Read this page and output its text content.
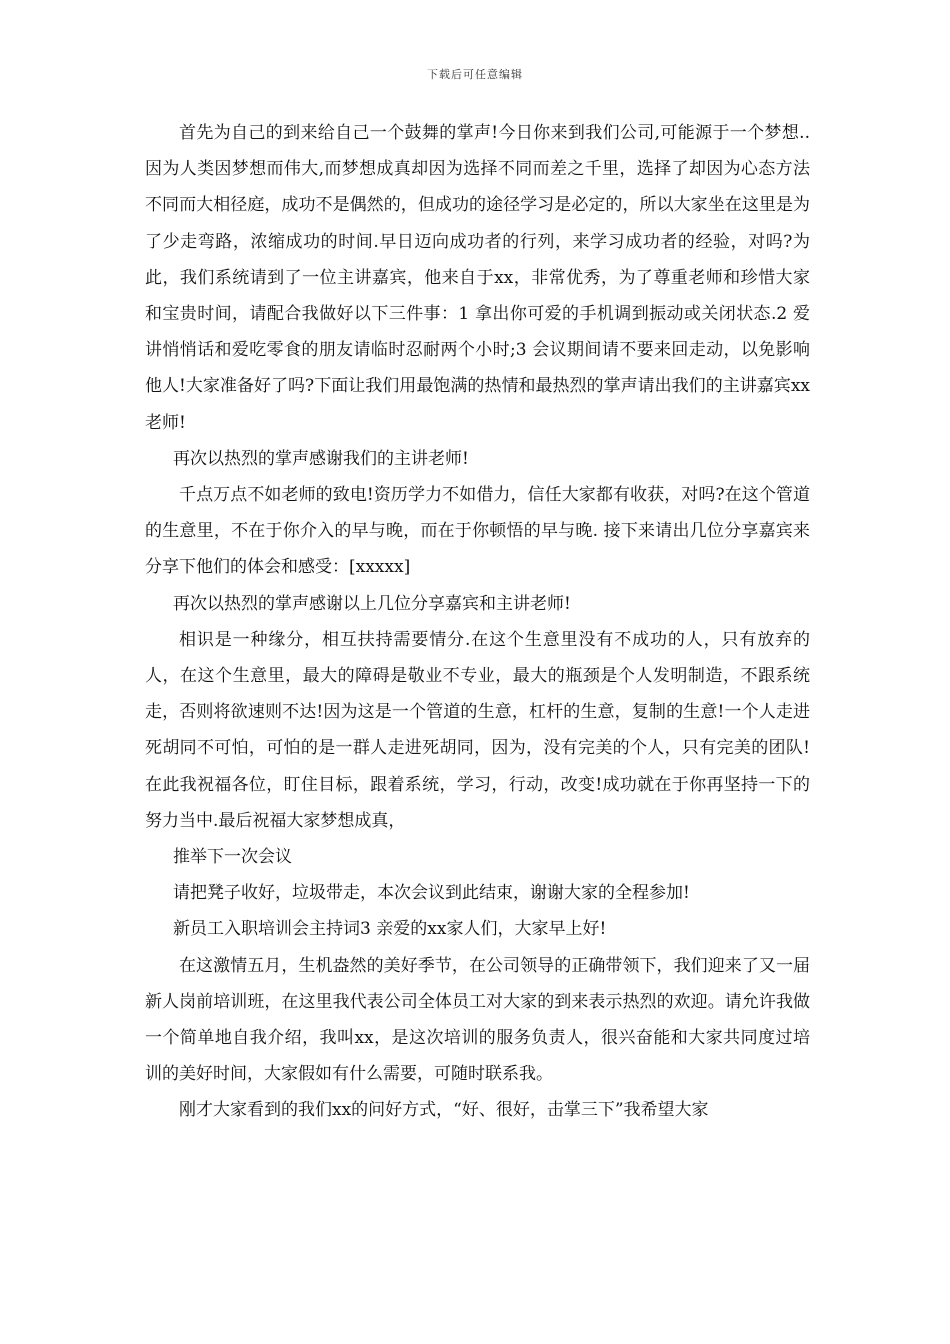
下载后可任意编辑

首先为自己的到来给自己一个鼓舞的掌声!今日你来到我们公司,可能源于一个梦想..因为人类因梦想而伟大,而梦想成真却因为选择不同而差之千里，选择了却因为心态方法不同而大相径庭，成功不是偶然的，但成功的途径学习是必定的，所以大家坐在这里是为了少走弯路，浓缩成功的时间.早日迈向成功者的行列，来学习成功者的经验，对吗?为此，我们系统请到了一位主讲嘉宾，他来自于xx，非常优秀，为了尊重老师和珍惜大家和宝贵时间，请配合我做好以下三件事：1 拿出你可爱的手机调到振动或关闭状态.2 爱讲悄悄话和爱吃零食的朋友请临时忍耐两个小时;3 会议期间请不要来回走动，以免影响他人!大家准备好了吗?下面让我们用最饱满的热情和最热烈的掌声请出我们的主讲嘉宾xx老师!

再次以热烈的掌声感谢我们的主讲老师!

千点万点不如老师的致电!资历学力不如借力，信任大家都有收获，对吗?在这个管道的生意里，不在于你介入的早与晚，而在于你顿悟的早与晚. 接下来请出几位分享嘉宾来分享下他们的体会和感受：[xxxxx]

再次以热烈的掌声感谢以上几位分享嘉宾和主讲老师!

相识是一种缘分，相互扶持需要情分.在这个生意里没有不成功的人，只有放弃的人，在这个生意里，最大的障碍是敬业不专业，最大的瓶颈是个人发明制造，不跟系统走，否则将欲速则不达!因为这是一个管道的生意，杠杆的生意，复制的生意!一个人走进死胡同不可怕，可怕的是一群人走进死胡同，因为，没有完美的个人，只有完美的团队!在此我祝福各位，盯住目标，跟着系统，学习，行动，改变!成功就在于你再坚持一下的努力当中.最后祝福大家梦想成真，

推举下一次会议

请把凳子收好，垃圾带走，本次会议到此结束，谢谢大家的全程参加!

新员工入职培训会主持词3 亲爱的xx家人们，大家早上好!

在这激情五月，生机盎然的美好季节，在公司领导的正确带领下，我们迎来了又一届新人岗前培训班，在这里我代表公司全体员工对大家的到来表示热烈的欢迎。请允许我做一个简单地自我介绍，我叫xx，是这次培训的服务负责人，很兴奋能和大家共同度过培训的美好时间，大家假如有什么需要，可随时联系我。

刚才大家看到的我们xx的问好方式，“好、很好，击掌三下”我希望大家
